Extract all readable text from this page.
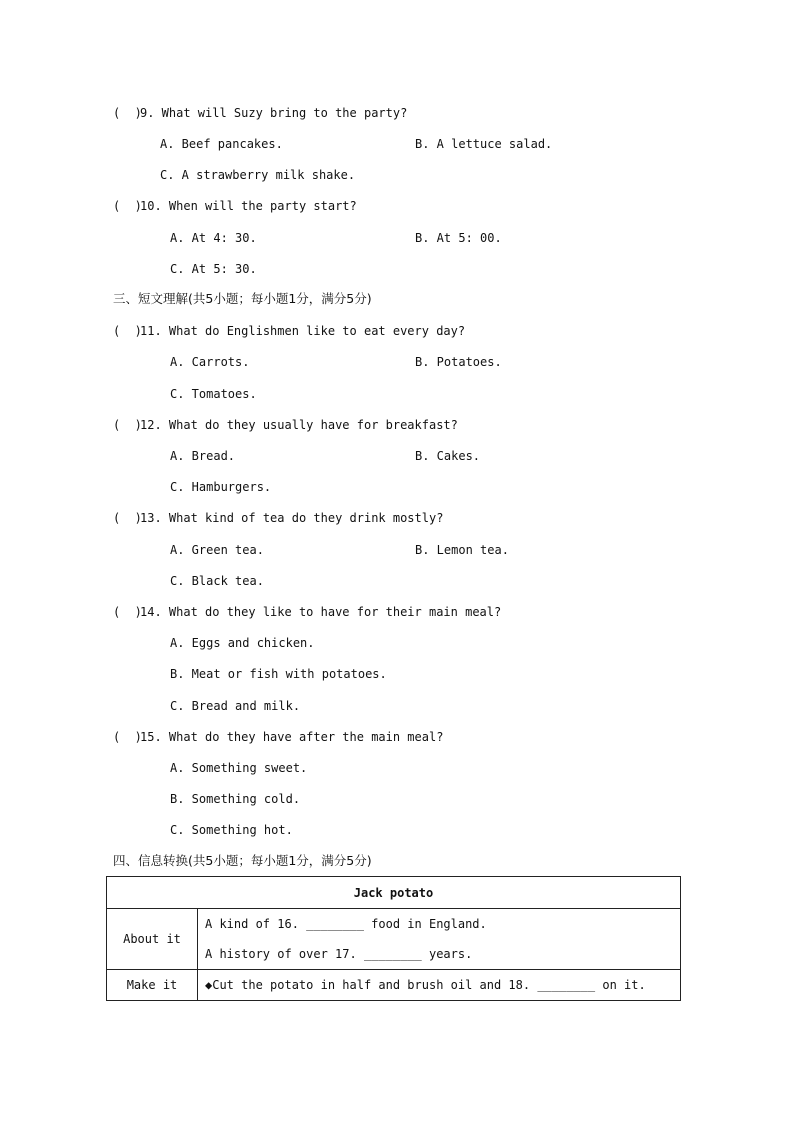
(  )
9. What will Suzy bring to the party?
A. Beef pancakes.	B. A lettuce salad.
C. A strawberry milk shake.
(  )
10. When will the party start?
A. At 4: 30.	B. At 5: 00.
C. At 5: 30.
三、短文理解(共5小题；每小题1分，满分5分)
(  )
11. What do Englishmen like to eat every day?
A. Carrots.	B. Potatoes.
C. Tomatoes.
(  )
12. What do they usually have for breakfast?
A. Bread.	B. Cakes.
C. Hamburgers.
(  )
13. What kind of tea do they drink mostly?
A. Green tea.	B. Lemon tea.
C. Black tea.
(  )
14. What do they like to have for their main meal?
A. Eggs and chicken.
B. Meat or fish with potatoes.
C. Bread and milk.
(  )
15. What do they have after the main meal?
A. Something sweet.
B. Something cold.
C. Something hot.
四、信息转换(共5小题；每小题1分，满分5分)
Jack potato	
About it	A kind of 16. ________ food in England.
A history of over 17. ________ years.

Make it	◆Cut the potato in half and brush oil and 18. ________ on it.
